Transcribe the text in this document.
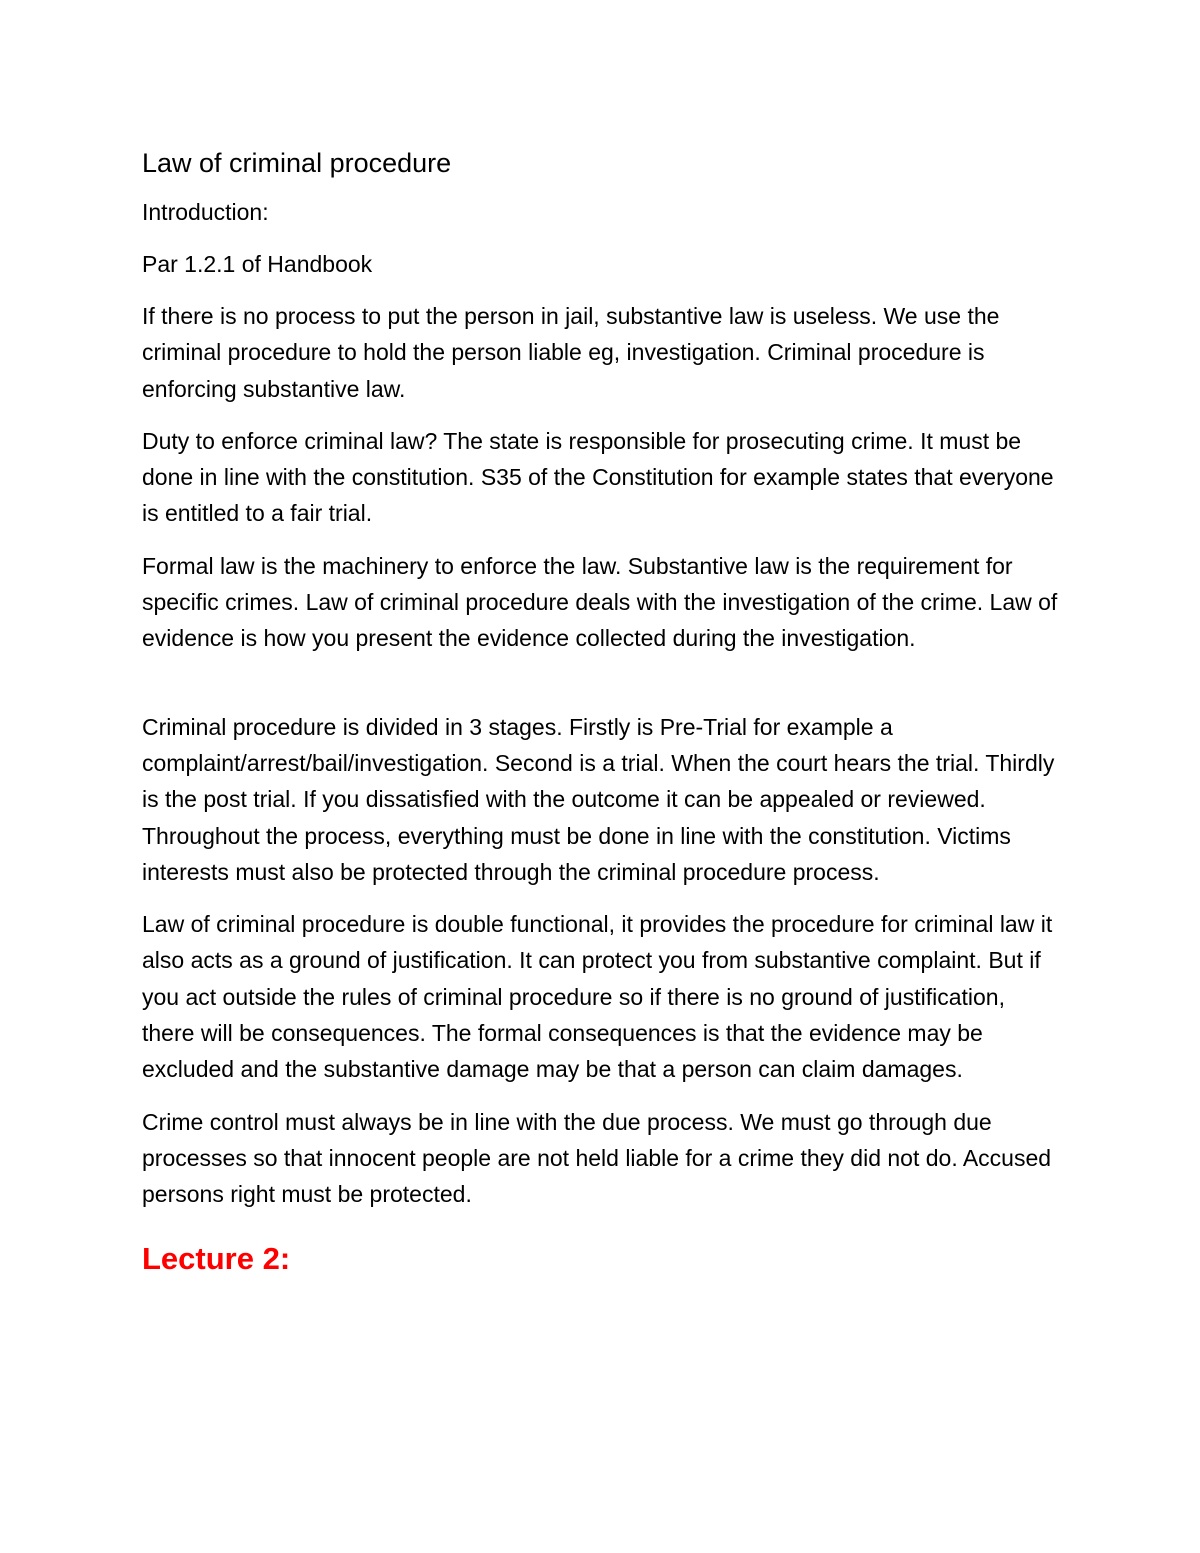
Law of criminal procedure
Introduction:
Par 1.2.1 of Handbook

If there is no process to put the person in jail, substantive law is useless. We use the criminal procedure to hold the person liable eg, investigation. Criminal procedure is enforcing substantive law.

Duty to enforce criminal law? The state is responsible for prosecuting crime. It must be done in line with the constitution. S35 of the Constitution for example states that everyone is entitled to a fair trial.

Formal law is the machinery to enforce the law. Substantive law is the requirement for specific crimes. Law of criminal procedure deals with the investigation of the crime. Law of evidence is how you present the evidence collected during the investigation.

Criminal procedure is divided in 3 stages. Firstly is Pre-Trial for example a complaint/arrest/bail/investigation. Second is a trial. When the court hears the trial. Thirdly is the post trial. If you dissatisfied with the outcome it can be appealed or reviewed. Throughout the process, everything must be done in line with the constitution. Victims interests must also be protected through the criminal procedure process.

Law of criminal procedure is double functional, it provides the procedure for criminal law it also acts as a ground of justification. It can protect you from substantive complaint. But if you act outside the rules of criminal procedure so if there is no ground of justification, there will be consequences. The formal consequences is that the evidence may be excluded and the substantive damage may be that a person can claim damages.

Crime control must always be in line with the due process. We must go through due processes so that innocent people are not held liable for a crime they did not do. Accused persons right must be protected.

Lecture 2:
